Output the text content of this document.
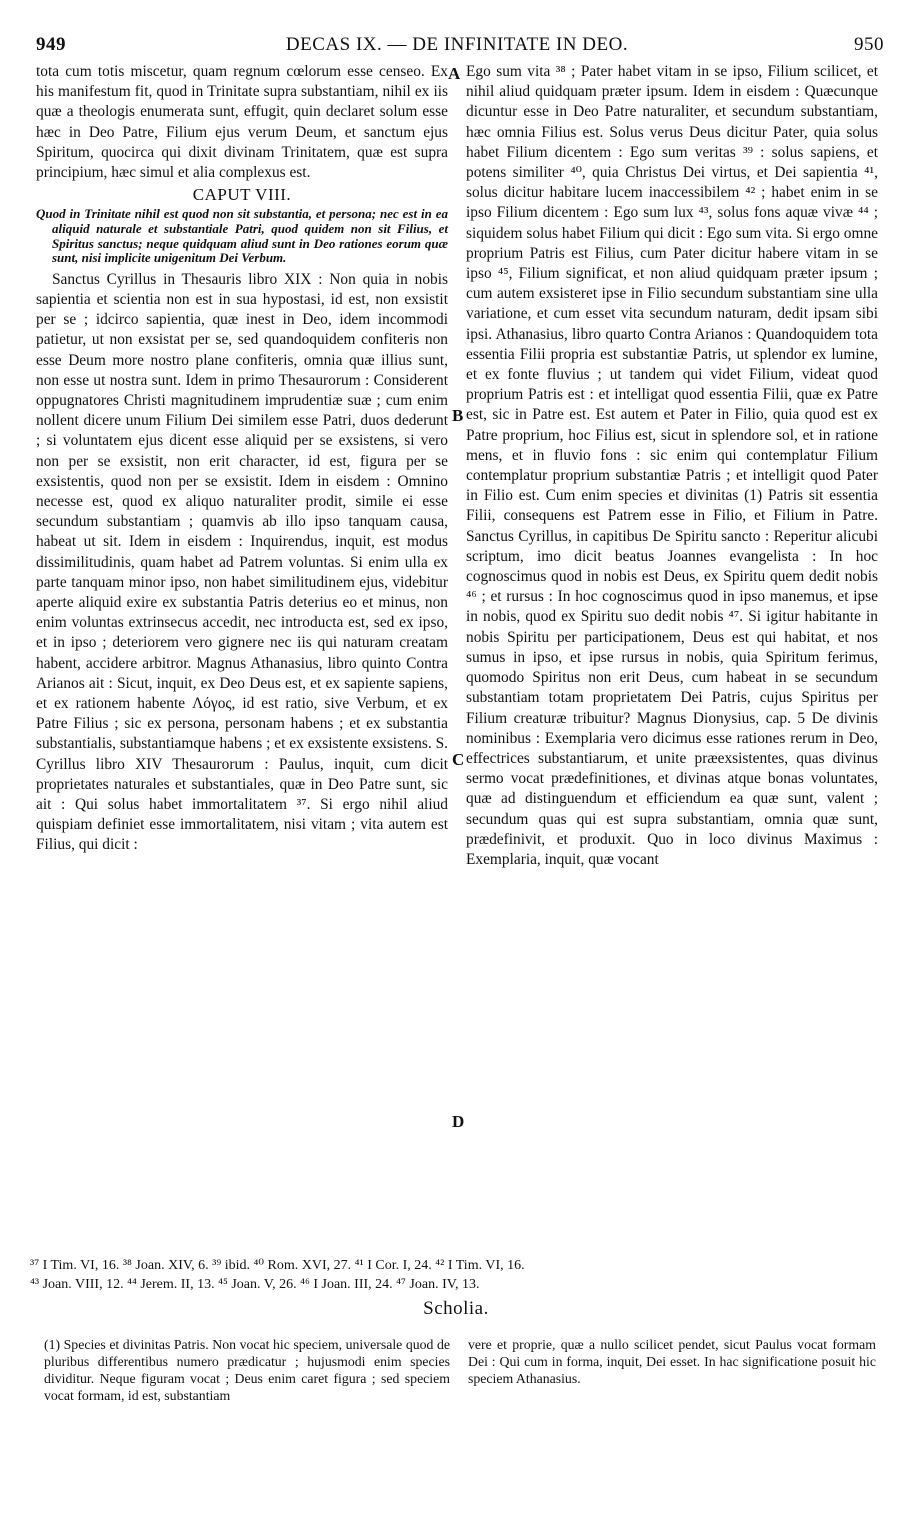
949	DECAS IX. — DE INFINITATE IN DEO.	950

tota cum totis miscetur, quam regnum cœlorum esse censeo. Ex his manifestum fit, quod in Trinitate supra substantiam, nihil ex iis quæ a theologis enumerata sunt, effugit, quin declaret solum esse hæc in Deo Patre, Filium ejus verum Deum, et sanctum ejus Spiritum, quocirca qui dixit divinam Trinitatem, quæ est supra principium, hæc simul et alia complexus est.

CAPUT VIII.
Quod in Trinitate nihil est quod non sit substantia, et persona; nec est in ea aliquid naturale et substantiale Patri, quod quidem non sit Filius, et Spiritus sanctus; neque quidquam aliud sunt in Deo rationes eorum quæ sunt, nisi implicite unigenitum Dei Verbum.

Sanctus Cyrillus in Thesauris libro XIX : Non quia in nobis sapientia et scientia non est in sua hypostasi, id est, non exsistit per se ; idcirco sapientia, quæ inest in Deo, idem incommodi patietur, ut non exsistat per se, sed quandoquidem confiteris non esse Deum more nostro plane confiteris, omnia quæ illius sunt, non esse ut nostra sunt. Idem in primo Thesaurorum : Considerent oppugnatores Christi magnitudinem imprudentiæ suæ ; cum enim nollent dicere unum Filium Dei similem esse Patri, duos dederunt ; si voluntatem ejus dicent esse aliquid per se exsistens, si vero non per se exsistit, non erit character, id est, figura per se exsistentis, quod non per se exsistit. Idem in eisdem : Omnino necesse est, quod ex aliquo naturaliter prodit, simile ei esse secundum substantiam ; quamvis ab illo ipso tanquam causa, habeat ut sit. Idem in eisdem : Inquirendus, inquit, est modus dissimilitudinis, quam habet ad Patrem voluntas. Si enim ulla ex parte tanquam minor ipso, non habet similitudinem ejus, videbitur aperte aliquid exire ex substantia Patris deterius eo et minus, non enim voluntas extrinsecus accedit, nec introducta est, sed ex ipso, et in ipso ; deteriorem vero gignere nec iis qui naturam creatam habent, accidere arbitror. Magnus Athanasius, libro quinto Contra Arianos ait : Sicut, inquit, ex Deo Deus est, et ex sapiente sapiens, et ex rationem habente Λόγος, id est ratio, sive Verbum, et ex Patre Filius ; sic ex persona, personam habens ; et ex substantia substantialis, substantiamque habens ; et ex exsistente exsistens. S. Cyrillus libro XIV Thesaurorum : Paulus, inquit, cum dicit proprietates naturales et substantiales, quæ in Deo Patre sunt, sic ait : Qui solus habet immortalitatem ³⁷. Si ergo nihil aliud quispiam definiet esse immortalitatem, nisi vitam ; vita autem est Filius, qui dicit :

A
B
C
D

Ego sum vita ³⁸ ; Pater habet vitam in se ipso, Filium scilicet, et nihil aliud quidquam præter ipsum. Idem in eisdem : Quæcunque dicuntur esse in Deo Patre naturaliter, et secundum substantiam, hæc omnia Filius est. Solus verus Deus dicitur Pater, quia solus habet Filium dicentem : Ego sum veritas ³⁹ : solus sapiens, et potens similiter ⁴⁰, quia Christus Dei virtus, et Dei sapientia ⁴¹, solus dicitur habitare lucem inaccessibilem ⁴² ; habet enim in se ipso Filium dicentem : Ego sum lux ⁴³, solus fons aquæ vivæ ⁴⁴ ; siquidem solus habet Filium qui dicit : Ego sum vita. Si ergo omne proprium Patris est Filius, cum Pater dicitur habere vitam in se ipso ⁴⁵, Filium significat, et non aliud quidquam præter ipsum ; cum autem exsisteret ipse in Filio secundum substantiam sine ulla variatione, et cum esset vita secundum naturam, dedit ipsam sibi ipsi. Athanasius, libro quarto Contra Arianos : Quandoquidem tota essentia Filii propria est substantiæ Patris, ut splendor ex lumine, et ex fonte fluvius ; ut tandem qui videt Filium, videat quod proprium Patris est : et intelligat quod essentia Filii, quæ ex Patre est, sic in Patre est. Est autem et Pater in Filio, quia quod est ex Patre proprium, hoc Filius est, sicut in splendore sol, et in ratione mens, et in fluvio fons : sic enim qui contemplatur Filium contemplatur proprium substantiæ Patris ; et intelligit quod Pater in Filio est. Cum enim species et divinitas (1) Patris sit essentia Filii, consequens est Patrem esse in Filio, et Filium in Patre. Sanctus Cyrillus, in capitibus De Spiritu sancto : Reperitur alicubi scriptum, imo dicit beatus Joannes evangelista : In hoc cognoscimus quod in nobis est Deus, ex Spiritu quem dedit nobis ⁴⁶ ; et rursus : In hoc cognoscimus quod in ipso manemus, et ipse in nobis, quod ex Spiritu suo dedit nobis ⁴⁷. Si igitur habitante in nobis Spiritu per participationem, Deus est qui habitat, et nos sumus in ipso, et ipse rursus in nobis, quia Spiritum ferimus, quomodo Spiritus non erit Deus, cum habeat in se secundum substantiam totam proprietatem Dei Patris, cujus Spiritus per Filium creaturæ tribuitur? Magnus Dionysius, cap. 5 De divinis nominibus : Exemplaria vero dicimus esse rationes rerum in Deo, effectrices substantiarum, et unite præexsistentes, quas divinus sermo vocat prædefinitiones, et divinas atque bonas voluntates, quæ ad distinguendum et efficiendum ea quæ sunt, valent ; secundum quas qui est supra substantiam, omnia quæ sunt, prædefinivit, et produxit. Quo in loco divinus Maximus : Exemplaria, inquit, quæ vocant

³⁷ I Tim. VI, 16. ³⁸ Joan. XIV, 6. ³⁹ ibid. ⁴⁰ Rom. XVI, 27. ⁴¹ I Cor. I, 24. ⁴² I Tim. VI, 16.

⁴³ Joan. VIII, 12. ⁴⁴ Jerem. II, 13. ⁴⁵ Joan. V, 26. ⁴⁶ I Joan. III, 24. ⁴⁷ Joan. IV, 13.

Scholia.

(1) Species et divinitas Patris. Non vocat hic speciem, universale quod de pluribus differentibus numero prædicatur ; hujusmodi enim species dividitur. Neque figuram vocat ; Deus enim caret figura ; sed speciem vocat formam, id est, substantiam

vere et proprie, quæ a nullo scilicet pendet, sicut Paulus vocat formam Dei : Qui cum in forma, inquit, Dei esset. In hac significatione posuit hic speciem Athanasius.
